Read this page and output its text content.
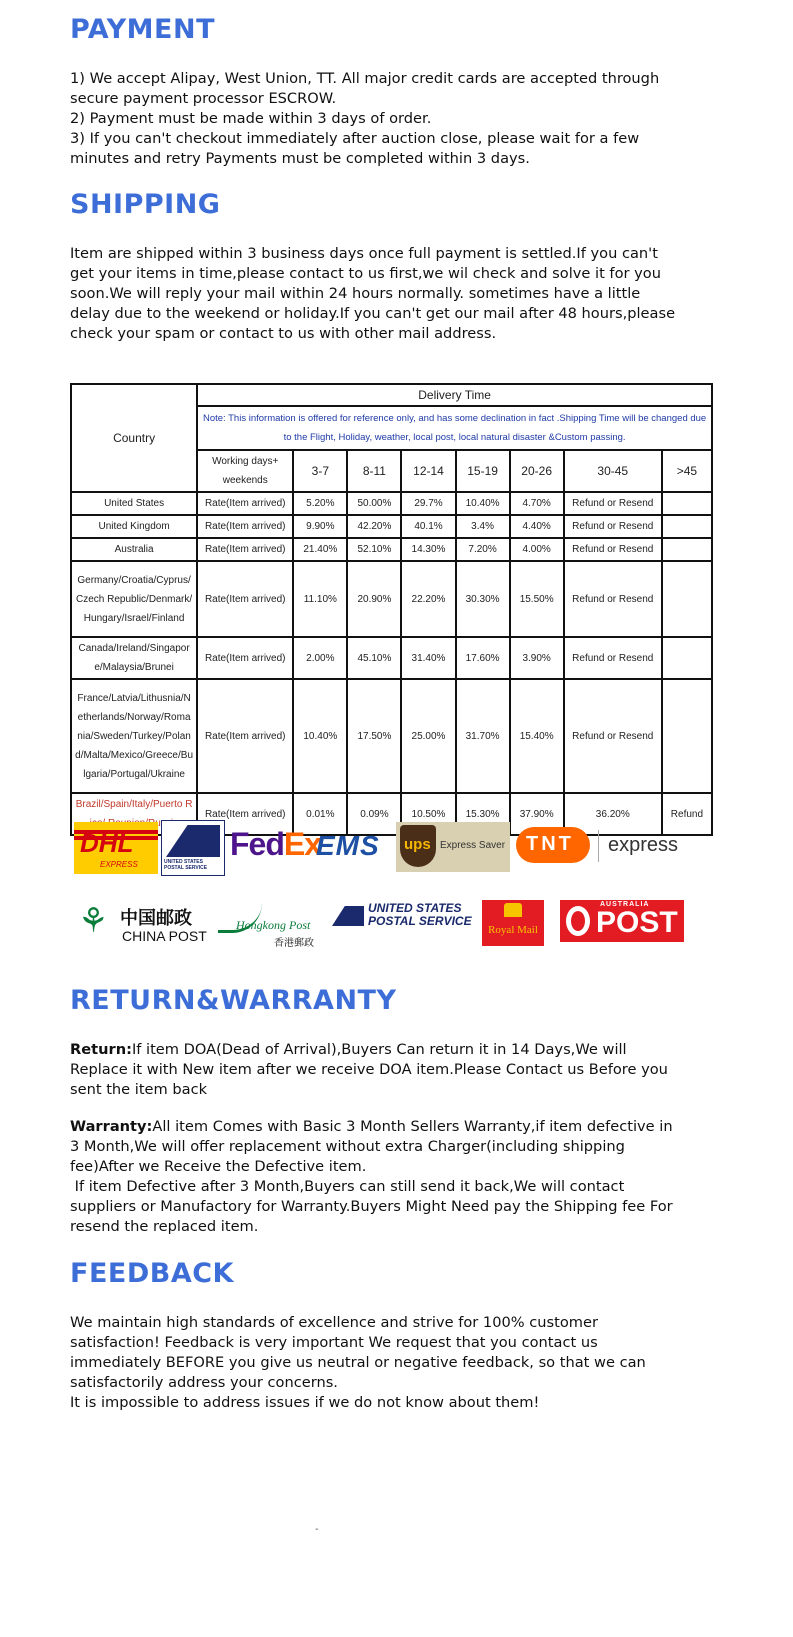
PAYMENT
1) We accept Alipay, West Union, TT. All major credit cards are accepted through
secure payment processor ESCROW.
2) Payment must be made within 3 days of order.
3) If you can't checkout immediately after auction close, please wait for a few
minutes and retry Payments must be completed within 3 days.
SHIPPING
Item are shipped within 3 business days once full payment is settled.If you can't
get your items in time,please contact to us first,we wil check and solve it for you
soon.We will reply your mail within 24 hours normally. sometimes have a little
delay due to the weekend or holiday.If you can't get our mail after 48 hours,please
check your spam or contact to us with other mail address.
Country	Delivery Time							
	Note: This information is offered for reference only, and has some declination in fact .Shipping Time will be changed due to the Flight, Holiday, weather, local post, local natural disaster &Custom passing.							
	Working days+ weekends	3-7	8-11	12-14	15-19	20-26	30-45	>45
United States	Rate(Item arrived)	5.20%	50.00%	29.7%	10.40%	4.70%	Refund or Resend	
United Kingdom	Rate(Item arrived)	9.90%	42.20%	40.1%	3.4%	4.40%	Refund or Resend	
Australia	Rate(Item arrived)	21.40%	52.10%	14.30%	7.20%	4.00%	Refund or Resend	
Germany/Croatia/Cyprus/Czech Republic/Denmark/Hungary/Israel/Finland	Rate(Item arrived)	11.10%	20.90%	22.20%	30.30%	15.50%	Refund or Resend	
Canada/Ireland/Singapore/Malaysia/Brunei	Rate(Item arrived)	2.00%	45.10%	31.40%	17.60%	3.90%	Refund or Resend	
France/Latvia/Lithusnia/Netherlands/Norway/Romania/Sweden/Turkey/Poland/Malta/Mexico/Greece/Bulgaria/Portugal/Ukraine	Rate(Item arrived)	10.40%	17.50%	25.00%	31.70%	15.40%	Refund or Resend	
Brazil/Spain/Italy/Puerto R	Rate(Item arrived)	0.01%	0.09%	10.50%	15.30%	37.90%	36.20%	Refund
DHL
EXPRESS	UNITED STATES POSTAL SERVICE
FedEx
EMS ups Express Saver TNT express
⚘ 中国邮政
CHINA POST
Hongkong Post
香港郵政
UNITED STATES
POSTAL SERVICE
Royal Mail
AUSTRALIA
POST
RETURN&WARRANTY
Return:If item DOA(Dead of Arrival),Buyers Can return it in 14 Days,We will
Replace it with New item after we receive DOA item.Please Contact us Before you
sent the item back
Warranty:All item Comes with Basic 3 Month Sellers Warranty,if item defective in
3 Month,We will offer replacement without extra Charger(including shipping
fee)After we Receive the Defective item.
If item Defective after 3 Month,Buyers can still send it back,We will contact
suppliers or Manufactory for Warranty.Buyers Might Need pay the Shipping fee For
resend the replaced item.
FEEDBACK
We maintain high standards of excellence and strive for 100% customer
satisfaction! Feedback is very important We request that you contact us
immediately BEFORE you give us neutral or negative feedback, so that we can
satisfactorily address your concerns.
It is impossible to address issues if we do not know about them!
-
